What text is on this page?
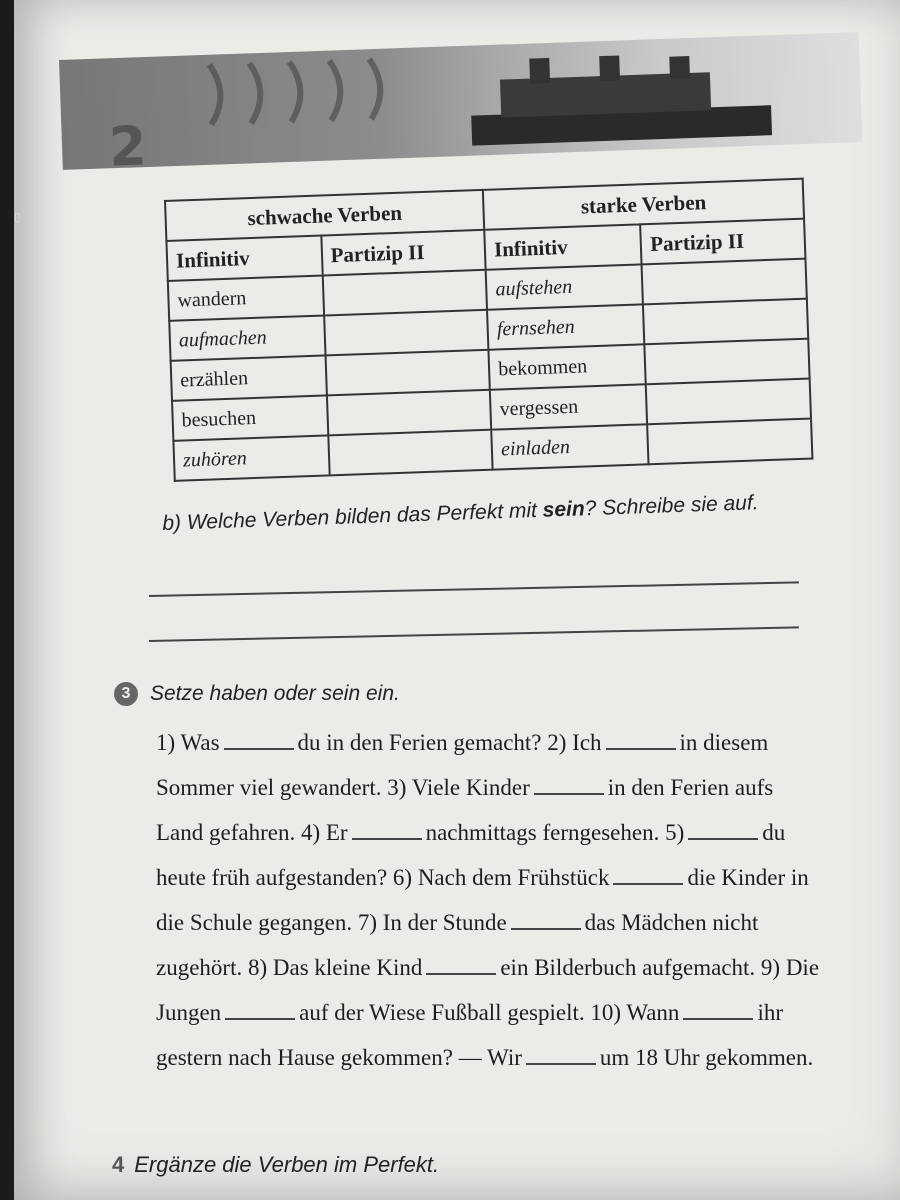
▯
2
schwache Verben		starke Verben	
Infinitiv	Partizip II	Infinitiv	Partizip II
wandern		aufstehen	
aufmachen		fernsehen	
erzählen		bekommen	
besuchen		vergessen	
zuhören		einladen	
b) Welche Verben bilden das Perfekt mit sein? Schreibe sie auf.
3 Setze haben oder sein ein.
1) Was	du in den Ferien gemacht? 2) Ich	in diesem Sommer viel gewandert. 3) Viele Kinder	in den Ferien aufs Land gefahren. 4) Er	nachmittags ferngesehen. 5)	du heute früh aufgestanden? 6) Nach dem Frühstück	die Kinder in die Schule gegangen. 7) In der Stunde	das Mädchen nicht zugehört. 8) Das kleine Kind	ein Bilderbuch aufgemacht. 9) Die Jungen	auf der Wiese Fußball gespielt. 10) Wann	ihr gestern nach Hause gekommen? — Wir	um 18 Uhr gekommen.
4 Ergänze die Verben im Perfekt.
